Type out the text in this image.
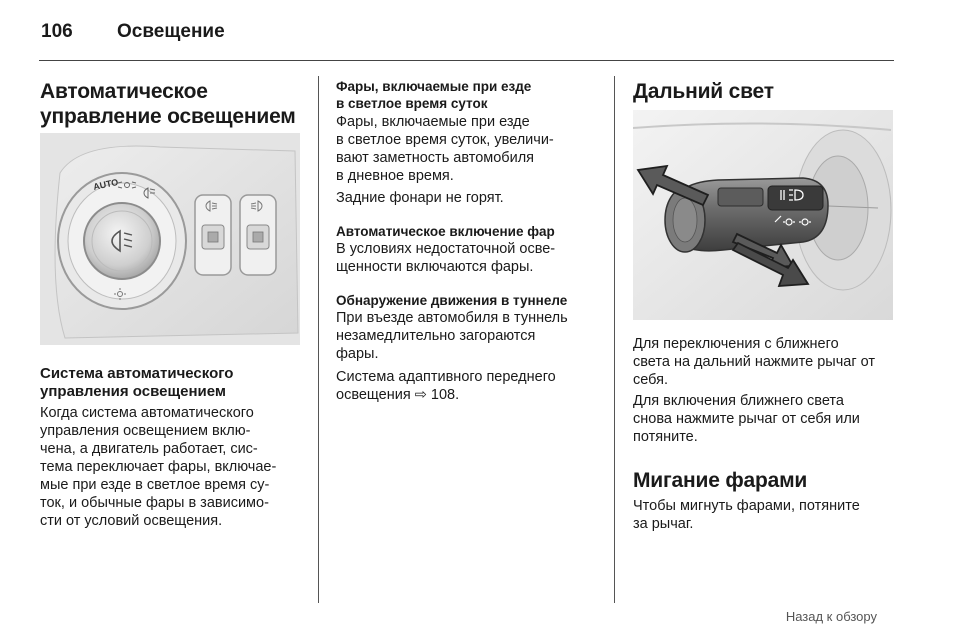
106 Освещение
Автоматическое
управление освещением
AUTO
Система автоматического
управления освещением
Когда система автоматического
управления освещением вклю-
чена, а двигатель работает, сис-
тема переключает фары, включае-
мые при езде в светлое время су-
ток, и обычные фары в зависимо-
сти от условий освещения.
Фары, включаемые при езде
в светлое время суток
Фары, включаемые при езде
в светлое время суток, увеличи-
вают заметность автомобиля
в дневное время.
Задние фонари не горят.
Автоматическое включение фар
В условиях недостаточной осве-
щенности включаются фары.
Обнаружение движения в туннеле
При въезде автомобиля в туннель
незамедлительно загораются
фары.
Система адаптивного переднего
освещения ⇨ 108.
Дальний свет
Для переключения с ближнего
света на дальний нажмите рычаг от
себя.
Для включения ближнего света
снова нажмите рычаг от себя или
потяните.
Мигание фарами
Чтобы мигнуть фарами, потяните
за рычаг.
Назад к обзору
